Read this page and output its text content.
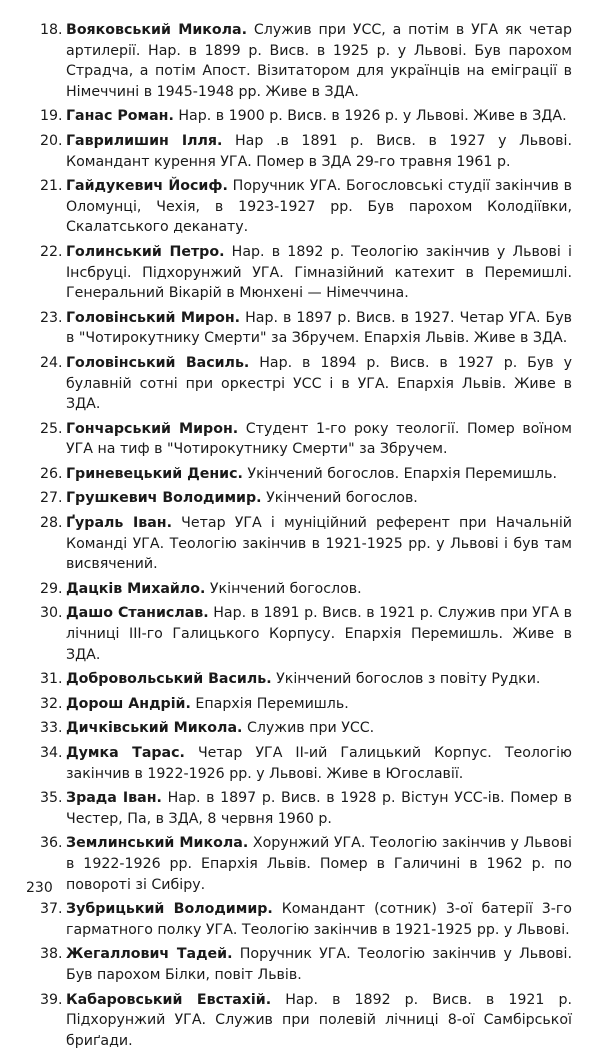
18. Вояковський Микола. Служив при УСС, а потім в УГА як четар артилерії. Нар. в 1899 р. Висв. в 1925 р. у Львові. Був парохом Страдча, а потім Апост. Візитатором для українців на еміграції в Німеччині в 1945-1948 рр. Живе в ЗДА.
19. Ганас Роман. Нар. в 1900 р. Висв. в 1926 р. у Львові. Живе в ЗДА.
20. Гаврилишин Ілля. Нар .в 1891 р. Висв. в 1927 у Львові. Командант курення УГА. Помер в ЗДА 29-го травня 1961 р.
21. Гайдукевич Йосиф. Поручник УГА. Богословські студії закінчив в Оломунці, Чехія, в 1923-1927 рр. Був парохом Колодіївки, Скалатського деканату.
22. Голинський Петро. Нар. в 1892 р. Теологію закінчив у Львові і Інсбруці. Підхорунжий УГА. Гімназійний катехит в Перемишлі. Генеральний Вікарій в Мюнхені — Німеччина.
23. Головінський Мирон. Нар. в 1897 р. Висв. в 1927. Четар УГА. Був в "Чотирокутнику Смерти" за Збручем. Епархія Львів. Живе в ЗДА.
24. Головінський Василь. Нар. в 1894 р. Висв. в 1927 р. Був у булавній сотні при оркестрі УСС і в УГА. Епархія Львів. Живе в ЗДА.
25. Гончарський Мирон. Студент 1-го року теології. Помер воїном УГА на тиф в "Чотирокутнику Смерти" за Збручем.
26. Гриневецький Денис. Укінчений богослов. Епархія Перемишль.
27. Грушкевич Володимир. Укінчений богослов.
28. Ґураль Іван. Четар УГА і муніційний референт при Начальній Команді УГА. Теологію закінчив в 1921-1925 рр. у Львові і був там висвячений.
29. Дацків Михайло. Укінчений богослов.
30. Дашо Станислав. Нар. в 1891 р. Висв. в 1921 р. Служив при УГА в лічниці ІІІ-го Галицького Корпусу. Епархія Перемишль. Живе в ЗДА.
31. Добровольський Василь. Укінчений богослов з повіту Рудки.
32. Дорош Андрій. Епархія Перемишль.
33. Дичківський Микола. Служив при УСС.
34. Думка Тарас. Четар УГА ІІ-ий Галицький Корпус. Теологію закінчив в 1922-1926 рр. у Львові. Живе в Югославії.
35. Зрада Іван. Нар. в 1897 р. Висв. в 1928 р. Вістун УСС-ів. Помер в Честер, Па, в ЗДА, 8 червня 1960 р.
36. Землинський Микола. Хорунжий УГА. Теологію закінчив у Львові в 1922-1926 рр. Епархія Львів. Помер в Галичині в 1962 р. по повороті зі Сибіру.
37. Зубрицький Володимир. Командант (сотник) 3-ої батерії 3-го гарматного полку УГА. Теологію закінчив в 1921-1925 рр. у Львові.
38. Жегаллович Тадей. Поручник УГА. Теологію закінчив у Львові. Був парохом Білки, повіт Львів.
39. Кабаровський Евстахій. Нар. в 1892 р. Висв. в 1921 р. Підхорунжий УГА. Служив при полевій лічниці 8-ої Самбірської бриґади.
230
